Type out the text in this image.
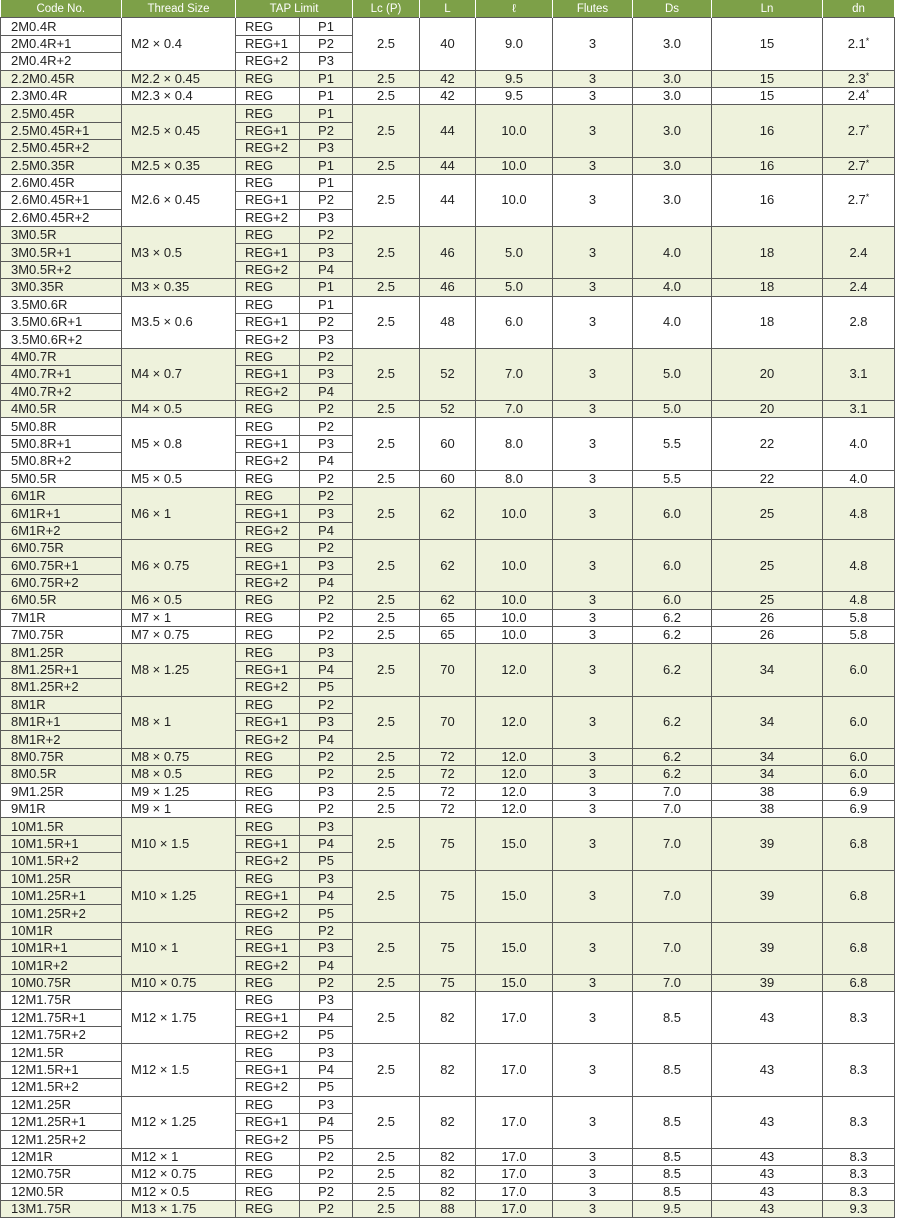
Code No.	Thread Size	TAP Limit		Lc (P)	L	ℓ	Flutes	Ds	Ln	dn	Type
2M0.4R	M2 × 0.4	REG	P1	2.5	40	9.0	3	3.0	15	2.1*	
2M0.4R+1		REG+1	P2								
2M0.4R+2		REG+2	P3								
2.2M0.45R	M2.2 × 0.45	REG	P1	2.5	42	9.5	3	3.0	15	2.3*	
2.3M0.4R	M2.3 × 0.4	REG	P1	2.5	42	9.5	3	3.0	15	2.4*	
2.5M0.45R	M2.5 × 0.45	REG	P1	2.5	44	10.0	3	3.0	16	2.7*	
2.5M0.45R+1		REG+1	P2								
2.5M0.45R+2		REG+2	P3								
2.5M0.35R	M2.5 × 0.35	REG	P1	2.5	44	10.0	3	3.0	16	2.7*	
2.6M0.45R	M2.6 × 0.45	REG	P1	2.5	44	10.0	3	3.0	16	2.7*	
2.6M0.45R+1		REG+1	P2								
2.6M0.45R+2		REG+2	P3								
3M0.5R	M3 × 0.5	REG	P2	2.5	46	5.0	3	4.0	18	2.4	
3M0.5R+1		REG+1	P3								
3M0.5R+2		REG+2	P4								
3M0.35R	M3 × 0.35	REG	P1	2.5	46	5.0	3	4.0	18	2.4	
3.5M0.6R	M3.5 × 0.6	REG	P1	2.5	48	6.0	3	4.0	18	2.8	
3.5M0.6R+1		REG+1	P2								
3.5M0.6R+2		REG+2	P3								
4M0.7R	M4 × 0.7	REG	P2	2.5	52	7.0	3	5.0	20	3.1	
4M0.7R+1		REG+1	P3								
4M0.7R+2		REG+2	P4								
4M0.5R	M4 × 0.5	REG	P2	2.5	52	7.0	3	5.0	20	3.1	
5M0.8R	M5 × 0.8	REG	P2	2.5	60	8.0	3	5.5	22	4.0	
5M0.8R+1		REG+1	P3								
5M0.8R+2		REG+2	P4								
5M0.5R	M5 × 0.5	REG	P2	2.5	60	8.0	3	5.5	22	4.0	
6M1R	M6 × 1	REG	P2	2.5	62	10.0	3	6.0	25	4.8	
6M1R+1		REG+1	P3								
6M1R+2		REG+2	P4								
6M0.75R	M6 × 0.75	REG	P2	2.5	62	10.0	3	6.0	25	4.8	
6M0.75R+1		REG+1	P3								
6M0.75R+2		REG+2	P4								
6M0.5R	M6 × 0.5	REG	P2	2.5	62	10.0	3	6.0	25	4.8	
7M1R	M7 × 1	REG	P2	2.5	65	10.0	3	6.2	26	5.8	
7M0.75R	M7 × 0.75	REG	P2	2.5	65	10.0	3	6.2	26	5.8	
8M1.25R	M8 × 1.25	REG	P3	2.5	70	12.0	3	6.2	34	6.0	
8M1.25R+1		REG+1	P4								
8M1.25R+2		REG+2	P5								
8M1R	M8 × 1	REG	P2	2.5	70	12.0	3	6.2	34	6.0	
8M1R+1		REG+1	P3								
8M1R+2		REG+2	P4								
8M0.75R	M8 × 0.75	REG	P2	2.5	72	12.0	3	6.2	34	6.0	
8M0.5R	M8 × 0.5	REG	P2	2.5	72	12.0	3	6.2	34	6.0	
9M1.25R	M9 × 1.25	REG	P3	2.5	72	12.0	3	7.0	38	6.9	
9M1R	M9 × 1	REG	P2	2.5	72	12.0	3	7.0	38	6.9	
10M1.5R	M10 × 1.5	REG	P3	2.5	75	15.0	3	7.0	39	6.8	
10M1.5R+1		REG+1	P4								
10M1.5R+2		REG+2	P5								
10M1.25R	M10 × 1.25	REG	P3	2.5	75	15.0	3	7.0	39	6.8	
10M1.25R+1		REG+1	P4								
10M1.25R+2		REG+2	P5								
10M1R	M10 × 1	REG	P2	2.5	75	15.0	3	7.0	39	6.8	
10M1R+1		REG+1	P3								
10M1R+2		REG+2	P4								
10M0.75R	M10 × 0.75	REG	P2	2.5	75	15.0	3	7.0	39	6.8	
12M1.75R	M12 × 1.75	REG	P3	2.5	82	17.0	3	8.5	43	8.3	
12M1.75R+1		REG+1	P4								
12M1.75R+2		REG+2	P5								
12M1.5R	M12 × 1.5	REG	P3	2.5	82	17.0	3	8.5	43	8.3	
12M1.5R+1		REG+1	P4								
12M1.5R+2		REG+2	P5								
12M1.25R	M12 × 1.25	REG	P3	2.5	82	17.0	3	8.5	43	8.3	
12M1.25R+1		REG+1	P4								
12M1.25R+2		REG+2	P5								
12M1R	M12 × 1	REG	P2	2.5	82	17.0	3	8.5	43	8.3	
12M0.75R	M12 × 0.75	REG	P2	2.5	82	17.0	3	8.5	43	8.3	
12M0.5R	M12 × 0.5	REG	P2	2.5	82	17.0	3	8.5	43	8.3	
13M1.75R	M13 × 1.75	REG	P2	2.5	88	17.0	3	9.5	43	9.3	
